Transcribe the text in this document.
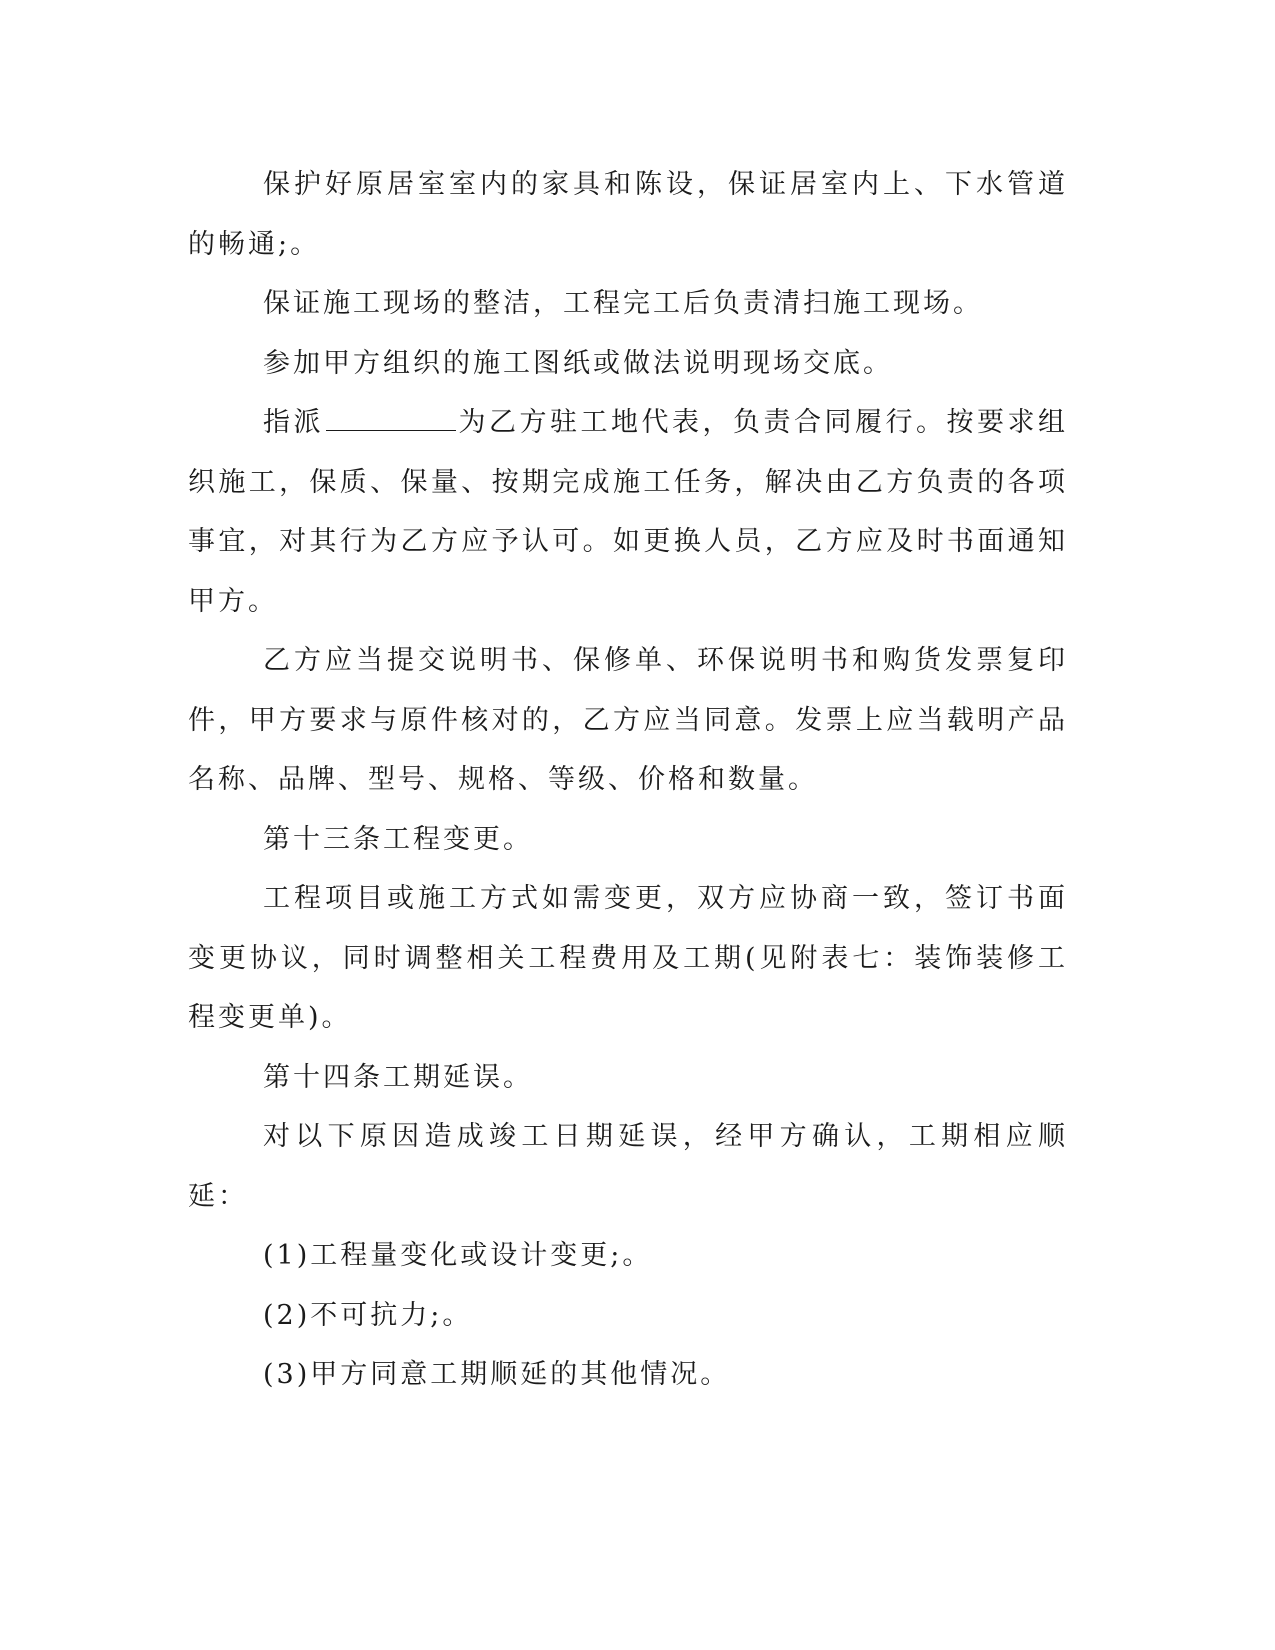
保护好原居室室内的家具和陈设，保证居室内上、下水管道的畅通;。

保证施工现场的整洁，工程完工后负责清扫施工现场。

参加甲方组织的施工图纸或做法说明现场交底。

指派	为乙方驻工地代表，负责合同履行。按要求组织施工，保质、保量、按期完成施工任务，解决由乙方负责的各项事宜，对其行为乙方应予认可。如更换人员，乙方应及时书面通知甲方。

乙方应当提交说明书、保修单、环保说明书和购货发票复印件，甲方要求与原件核对的，乙方应当同意。发票上应当载明产品名称、品牌、型号、规格、等级、价格和数量。

第十三条工程变更。

工程项目或施工方式如需变更，双方应协商一致，签订书面变更协议，同时调整相关工程费用及工期(见附表七：装饰装修工程变更单)。

第十四条工期延误。

对以下原因造成竣工日期延误，经甲方确认，工期相应顺延：

(1)工程量变化或设计变更;。

(2)不可抗力;。

(3)甲方同意工期顺延的其他情况。
